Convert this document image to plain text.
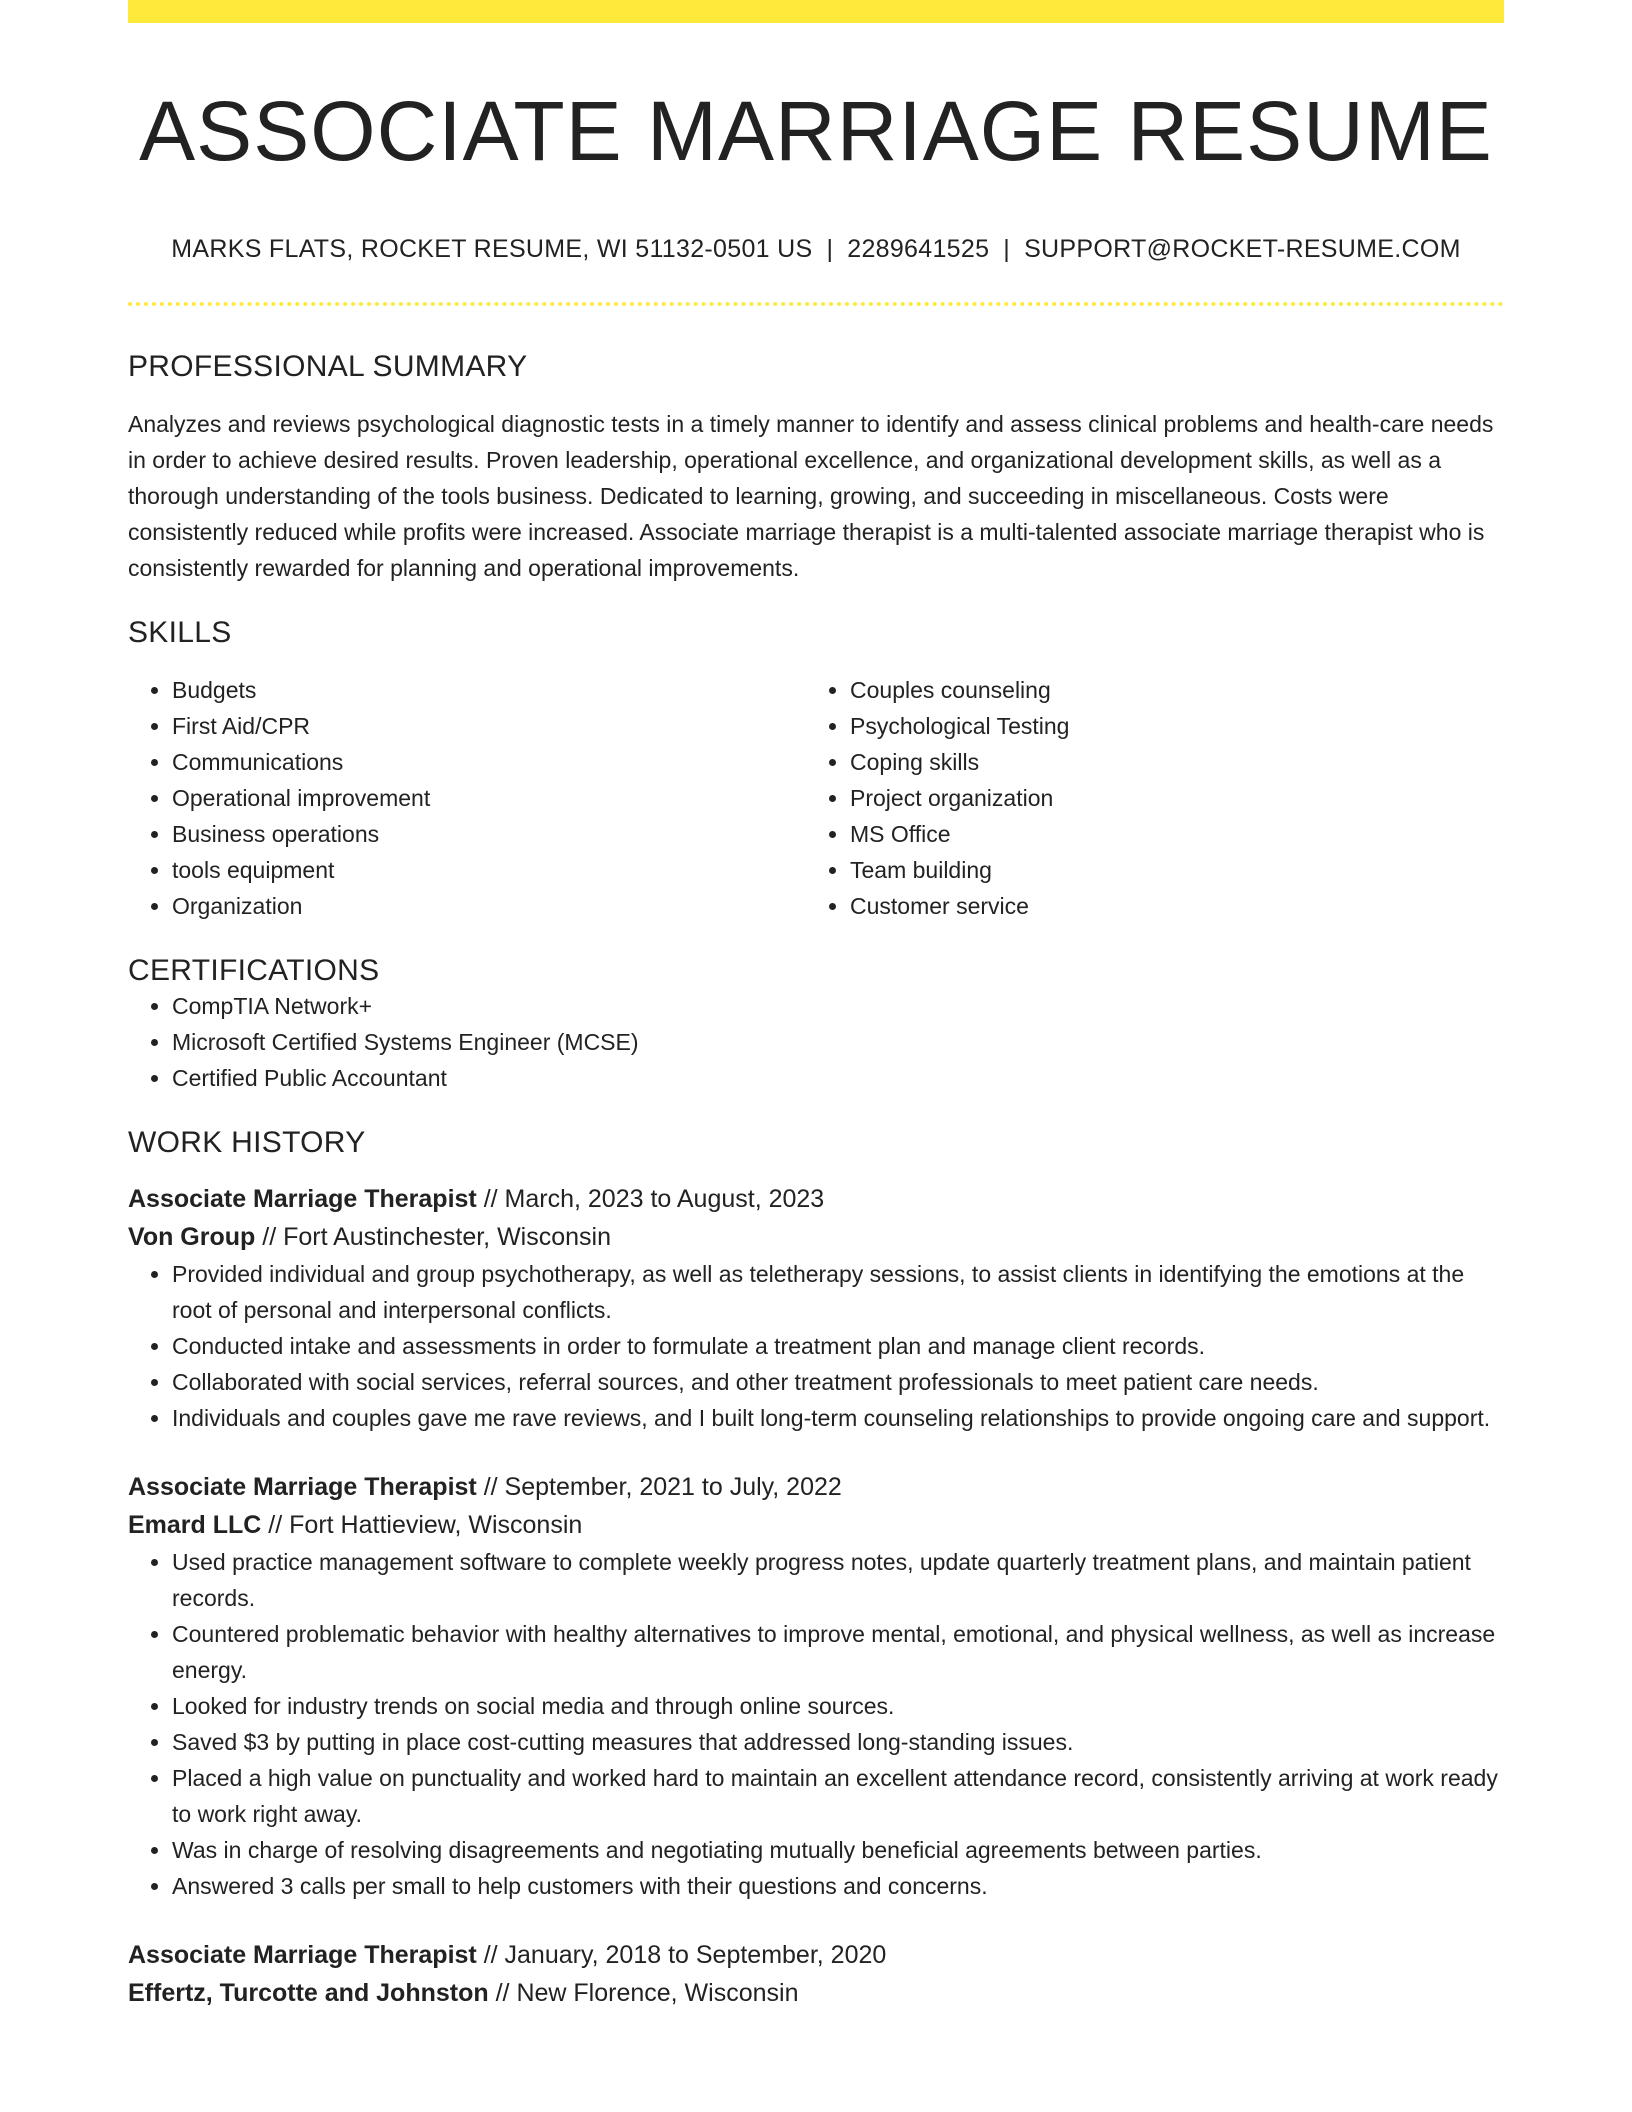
ASSOCIATE MARRIAGE RESUME
MARKS FLATS, ROCKET RESUME, WI 51132-0501 US | 2289641525 | SUPPORT@ROCKET-RESUME.COM
PROFESSIONAL SUMMARY
Analyzes and reviews psychological diagnostic tests in a timely manner to identify and assess clinical problems and health-care needs in order to achieve desired results. Proven leadership, operational excellence, and organizational development skills, as well as a thorough understanding of the tools business. Dedicated to learning, growing, and succeeding in miscellaneous. Costs were consistently reduced while profits were increased. Associate marriage therapist is a multi-talented associate marriage therapist who is consistently rewarded for planning and operational improvements.
SKILLS
• Budgets
• First Aid/CPR
• Communications
• Operational improvement
• Business operations
• tools equipment
• Organization
• Couples counseling
• Psychological Testing
• Coping skills
• Project organization
• MS Office
• Team building
• Customer service
CERTIFICATIONS
• CompTIA Network+
• Microsoft Certified Systems Engineer (MCSE)
• Certified Public Accountant
WORK HISTORY
Associate Marriage Therapist // March, 2023 to August, 2023
Von Group // Fort Austinchester, Wisconsin
• Provided individual and group psychotherapy, as well as teletherapy sessions, to assist clients in identifying the emotions at the root of personal and interpersonal conflicts.
• Conducted intake and assessments in order to formulate a treatment plan and manage client records.
• Collaborated with social services, referral sources, and other treatment professionals to meet patient care needs.
• Individuals and couples gave me rave reviews, and I built long-term counseling relationships to provide ongoing care and support.
Associate Marriage Therapist // September, 2021 to July, 2022
Emard LLC // Fort Hattieview, Wisconsin
• Used practice management software to complete weekly progress notes, update quarterly treatment plans, and maintain patient records.
• Countered problematic behavior with healthy alternatives to improve mental, emotional, and physical wellness, as well as increase energy.
• Looked for industry trends on social media and through online sources.
• Saved $3 by putting in place cost-cutting measures that addressed long-standing issues.
• Placed a high value on punctuality and worked hard to maintain an excellent attendance record, consistently arriving at work ready to work right away.
• Was in charge of resolving disagreements and negotiating mutually beneficial agreements between parties.
• Answered 3 calls per small to help customers with their questions and concerns.
Associate Marriage Therapist // January, 2018 to September, 2020
Effertz, Turcotte and Johnston // New Florence, Wisconsin
